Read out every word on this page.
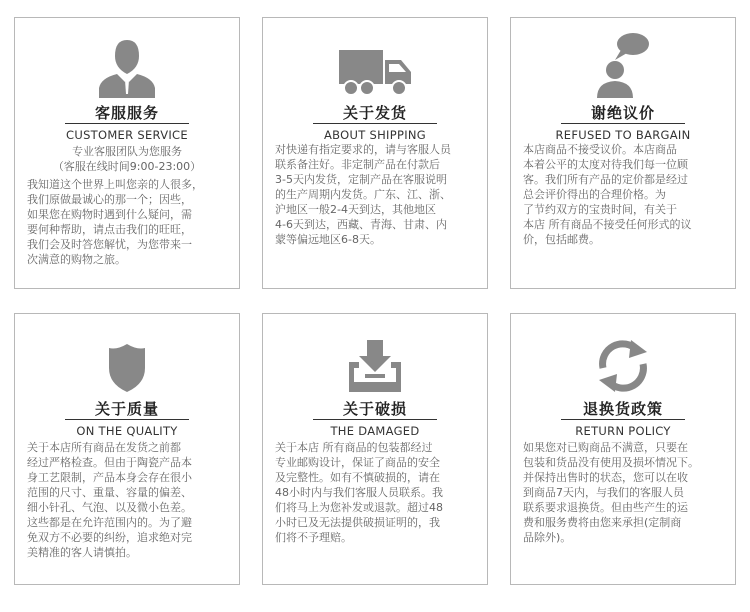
客服服务
CUSTOMER SERVICE
专业客服团队为您服务
（客服在线时间9:00-23:00）
我知道这个世界上叫您亲的人很多，
我们原做最诚心的那一个；因些，
如果您在购物时遇到什么疑问，需
要何种帮助，请点击我们的旺旺，
我们会及时答您解忧，为您带来一
次满意的购物之旅。
关于发货
ABOUT SHIPPING
对快递有指定要求的，请与客服人员
联系备注好。非定制产品在付款后
3-5天内发货，定制产品在客服说明
的生产周期内发货。广东、江、浙、
沪地区一般2-4天到达，其他地区
4-6天到达，西藏、青海、甘肃、内
蒙等偏远地区6-8天。
谢绝议价
REFUSED TO BARGAIN
本店商品不接受议价。本店商品
本着公平的太度对待我们每一位顾
客。我们所有产品的定价都是经过
总会评价得出的合理价格。为
了节约双方的宝贵时间，有关于
本店 所有商品不接受任何形式的议
价，包括邮费。
关于质量
ON THE QUALITY
关于本店所有商品在发货之前都
经过严格检查。但由于陶瓷产品本
身工艺限制，产品本身会存在很小
范围的尺寸、重量、容量的偏差、
细小针孔、气泡、以及微小色差。
这些都是在允许范围内的。为了避
免双方不必要的纠纷，追求绝对完
美精准的客人请慎拍。
关于破损
THE DAMAGED
关于本店 所有商品的包装都经过
专业邮购设计，保证了商品的安全
及完整性。如有不慎破损的，请在
48小时内与我们客服人员联系。我
们将马上为您补发或退款。超过48
小时已及无法提供破损证明的，我
们将不予理赔。
退换货政策
RETURN POLICY
如果您对已购商品不满意，只要在
包装和货品没有使用及损坏情况下。
并保持出售时的状态，您可以在收
到商品7天内，与我们的客服人员
联系要求退换货。但由些产生的运
费和服务费将由您来承担(定制商
品除外)。
